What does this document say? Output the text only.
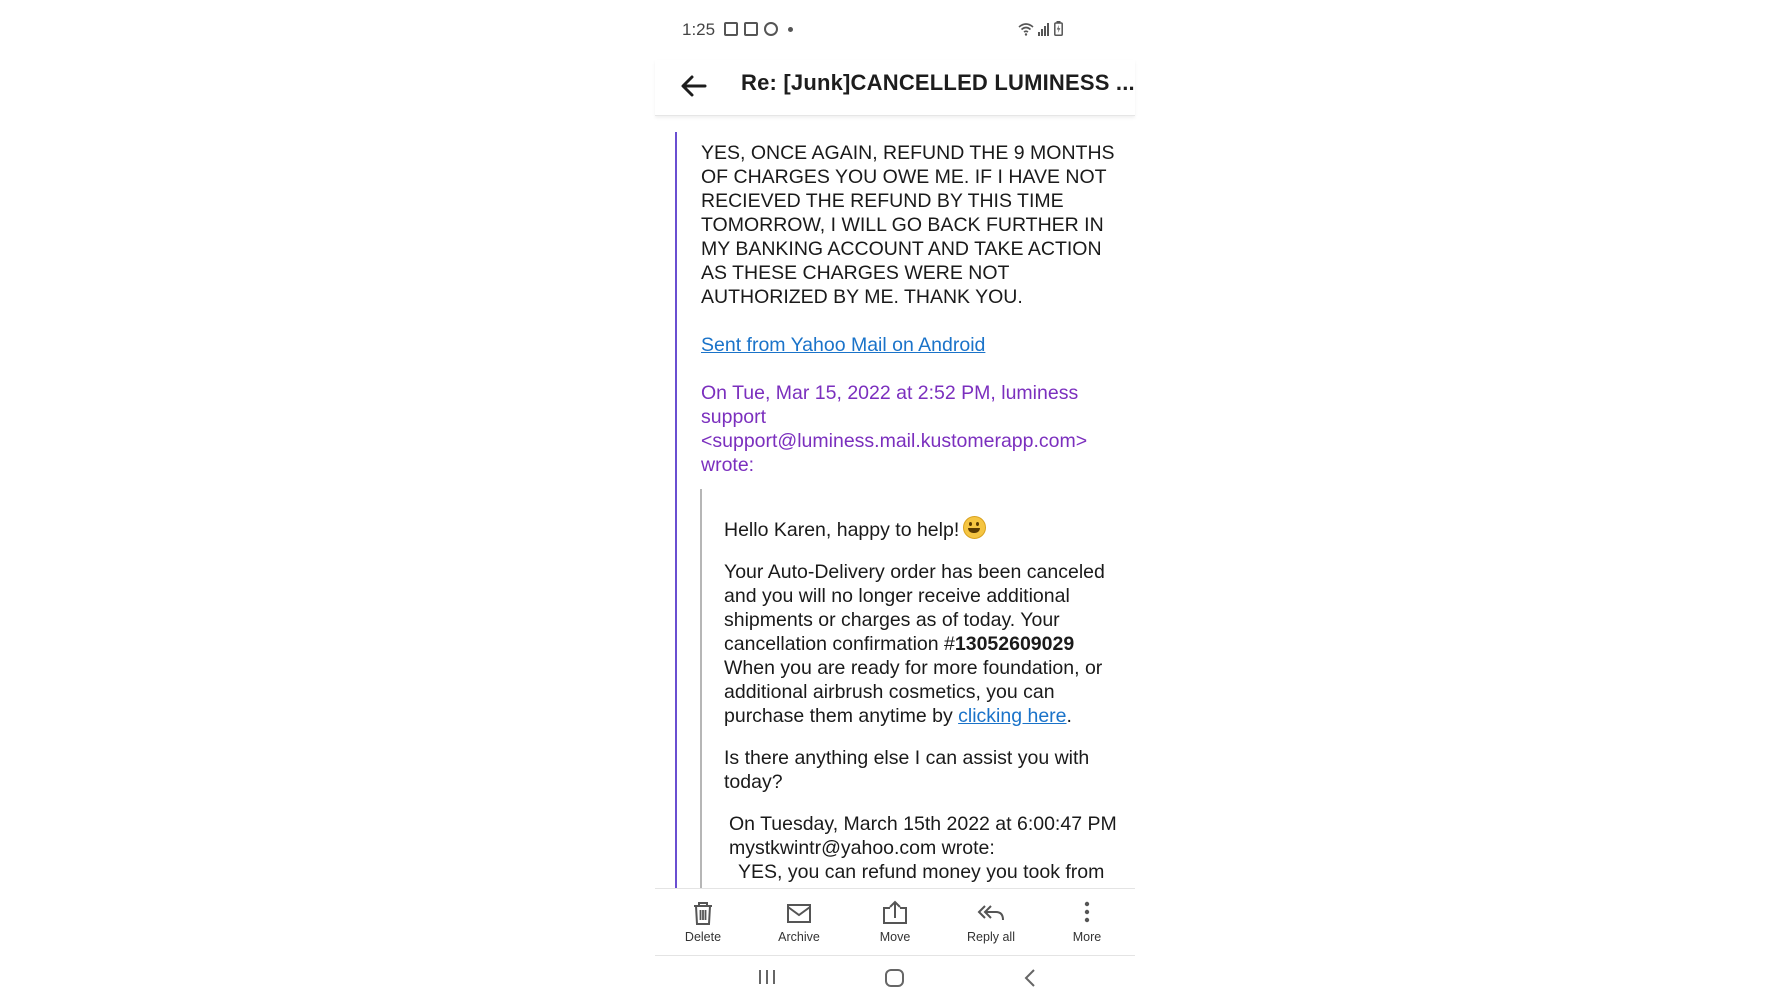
1:25
Re: [Junk]CANCELLED LUMINESS ...

YES, ONCE AGAIN, REFUND THE 9 MONTHS OF CHARGES YOU OWE ME. IF I HAVE NOT RECIEVED THE REFUND BY THIS TIME TOMORROW, I WILL GO BACK FURTHER IN MY BANKING ACCOUNT AND TAKE ACTION AS THESE CHARGES WERE NOT AUTHORIZED BY ME. THANK YOU.

Sent from Yahoo Mail on Android

On Tue, Mar 15, 2022 at 2:52 PM, luminess support <support@luminess.mail.kustomerapp.com> wrote:

Hello Karen, happy to help!

Your Auto-Delivery order has been canceled and you will no longer receive additional shipments or charges as of today. Your cancellation confirmation #13052609029 When you are ready for more foundation, or additional airbrush cosmetics, you can purchase them anytime by clicking here.

Is there anything else I can assist you with today?

On Tuesday, March 15th 2022 at 6:00:47 PM mystkwintr@yahoo.com wrote:

YES, you can refund money you took from

Delete	Archive	Move	Reply all	More
